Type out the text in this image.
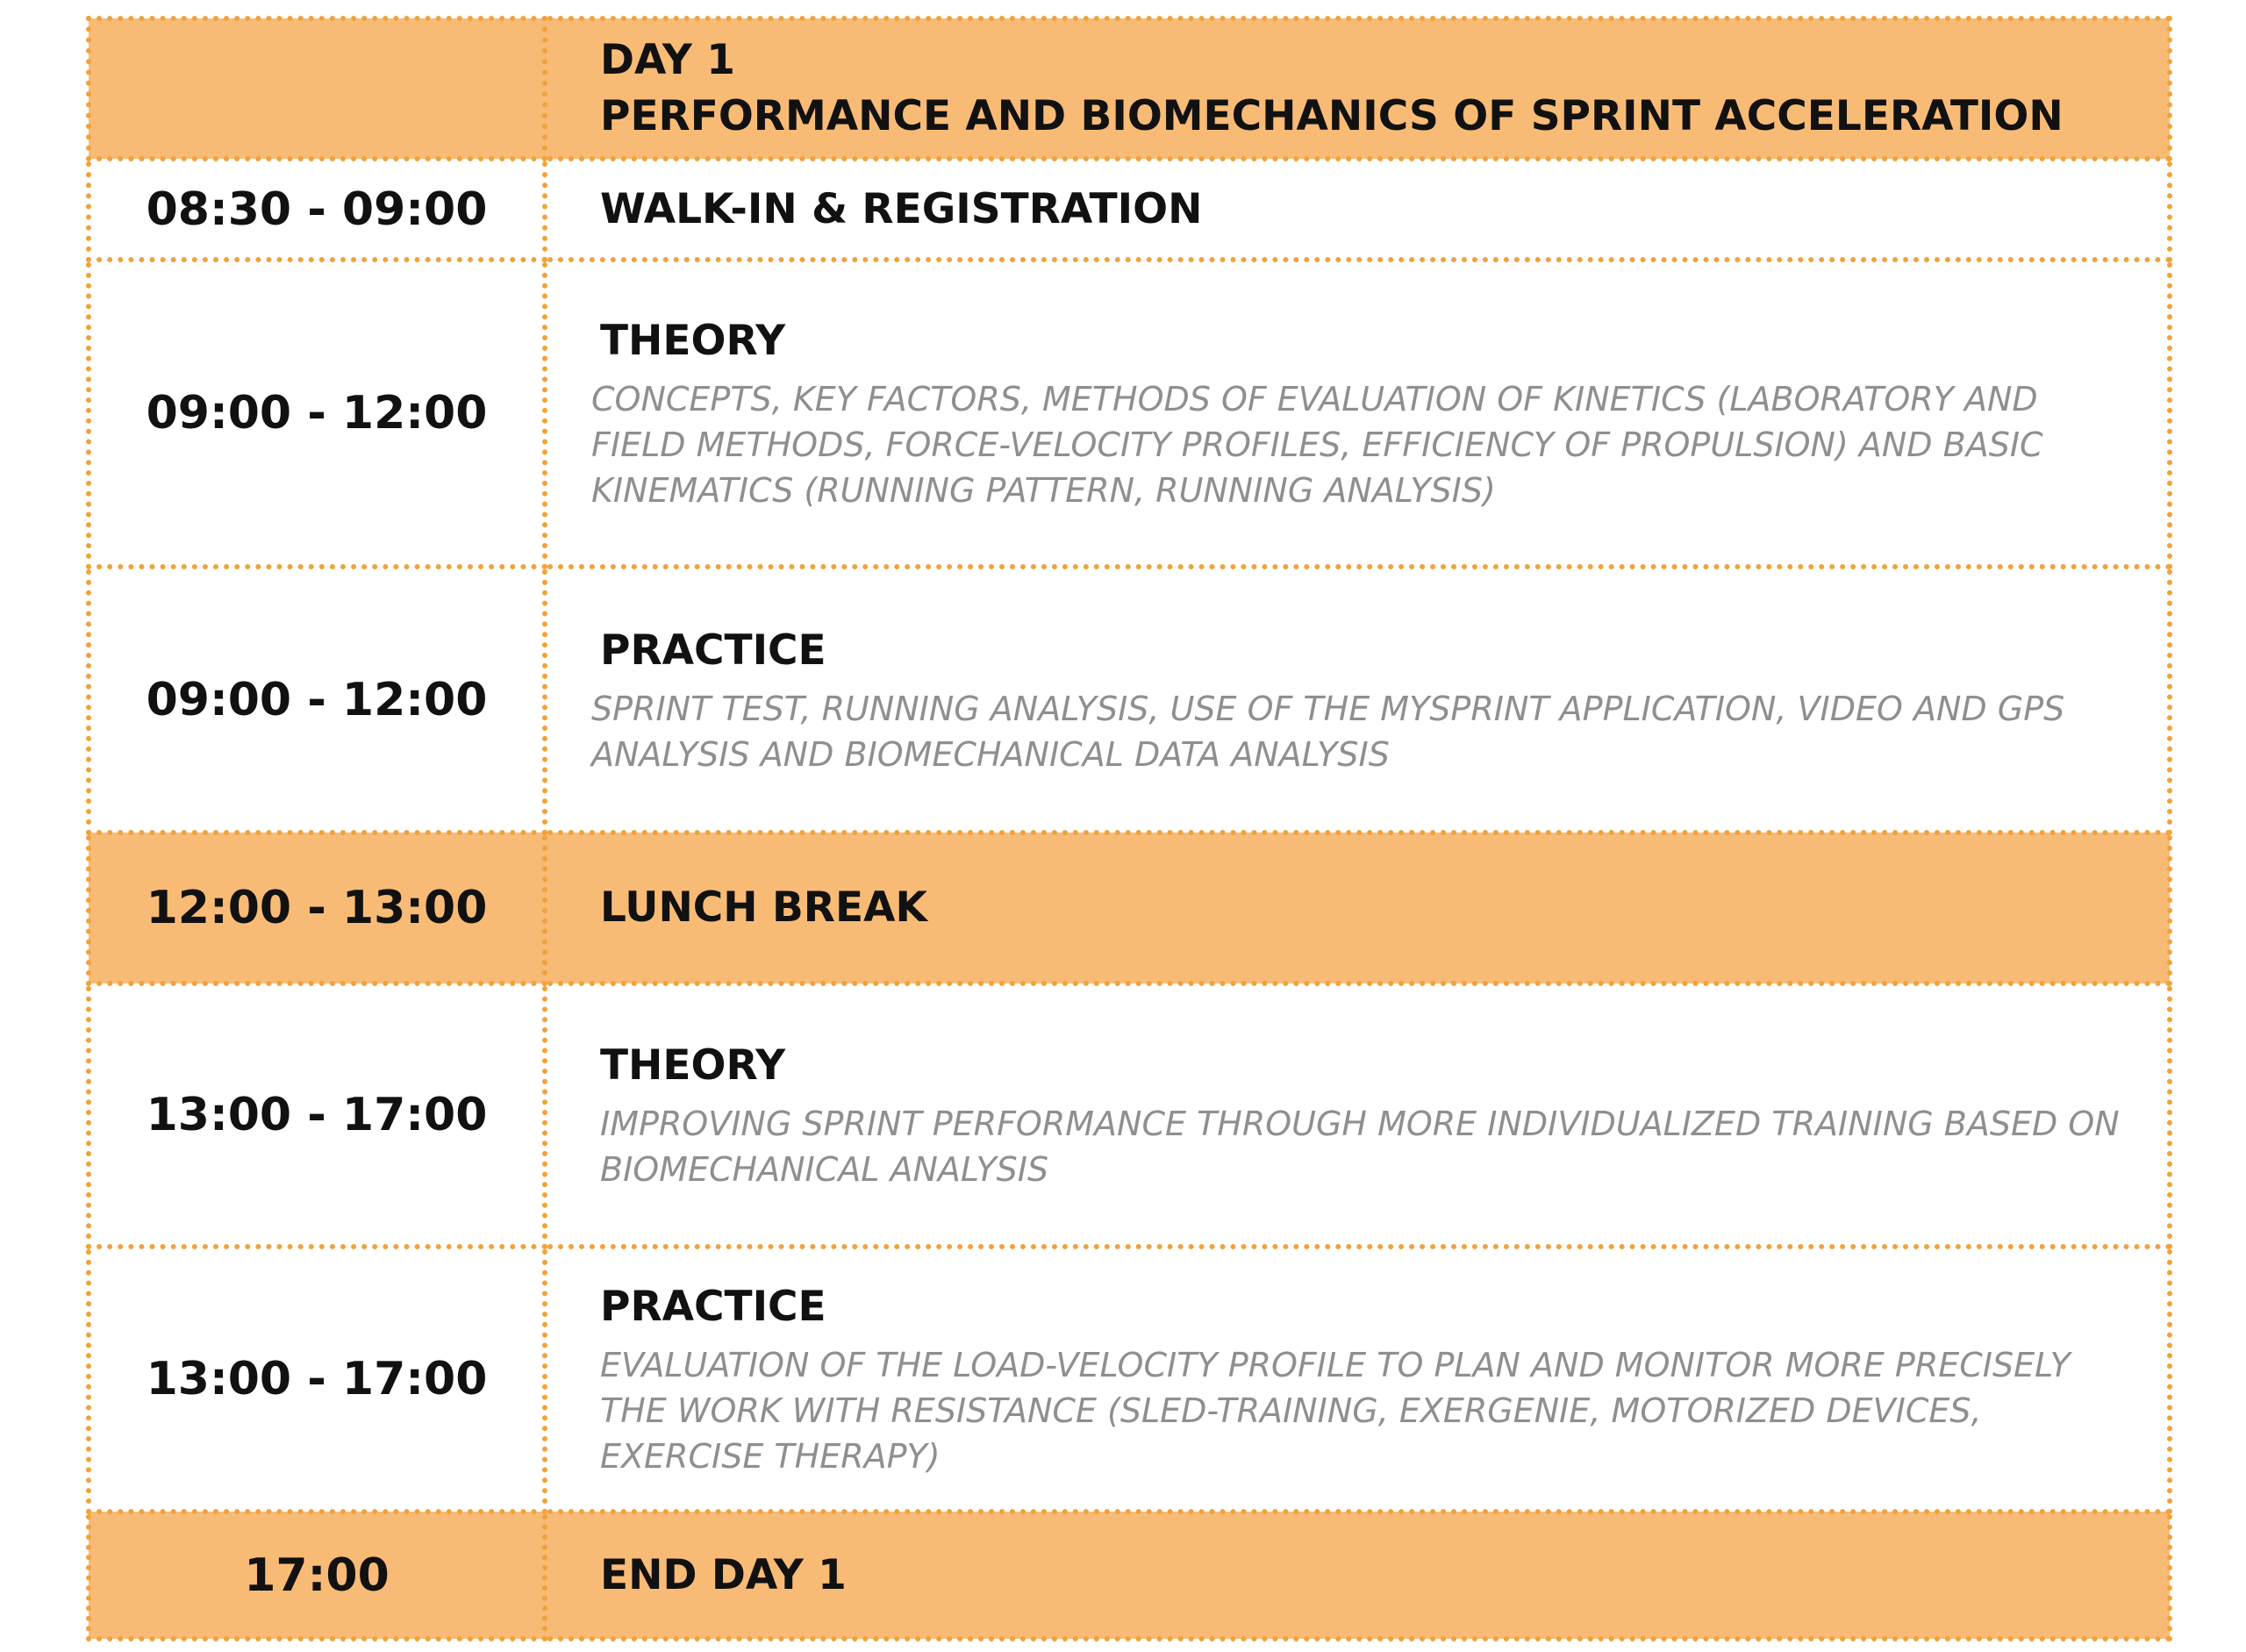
	DAY 1
PERFORMANCE AND BIOMECHANICS OF SPRINT ACCELERATION

08:30 - 09:00	WALK-IN & REGISTRATION

09:00 - 12:00	THEORY
CONCEPTS, KEY FACTORS, METHODS OF EVALUATION OF KINETICS (LABORATORY AND FIELD METHODS, FORCE-VELOCITY PROFILES, EFFICIENCY OF PROPULSION) AND BASIC KINEMATICS (RUNNING PATTERN, RUNNING ANALYSIS)

09:00 - 12:00	PRACTICE
SPRINT TEST, RUNNING ANALYSIS, USE OF THE MYSPRINT APPLICATION, VIDEO AND GPS ANALYSIS AND BIOMECHANICAL DATA ANALYSIS

12:00 - 13:00	LUNCH BREAK

13:00 - 17:00	THEORY
IMPROVING SPRINT PERFORMANCE THROUGH MORE INDIVIDUALIZED TRAINING BASED ON BIOMECHANICAL ANALYSIS

13:00 - 17:00	PRACTICE
EVALUATION OF THE LOAD-VELOCITY PROFILE TO PLAN AND MONITOR MORE PRECISELY THE WORK WITH RESISTANCE (SLED-TRAINING, EXERGENIE, MOTORIZED DEVICES, EXERCISE THERAPY)

17:00	END DAY 1
